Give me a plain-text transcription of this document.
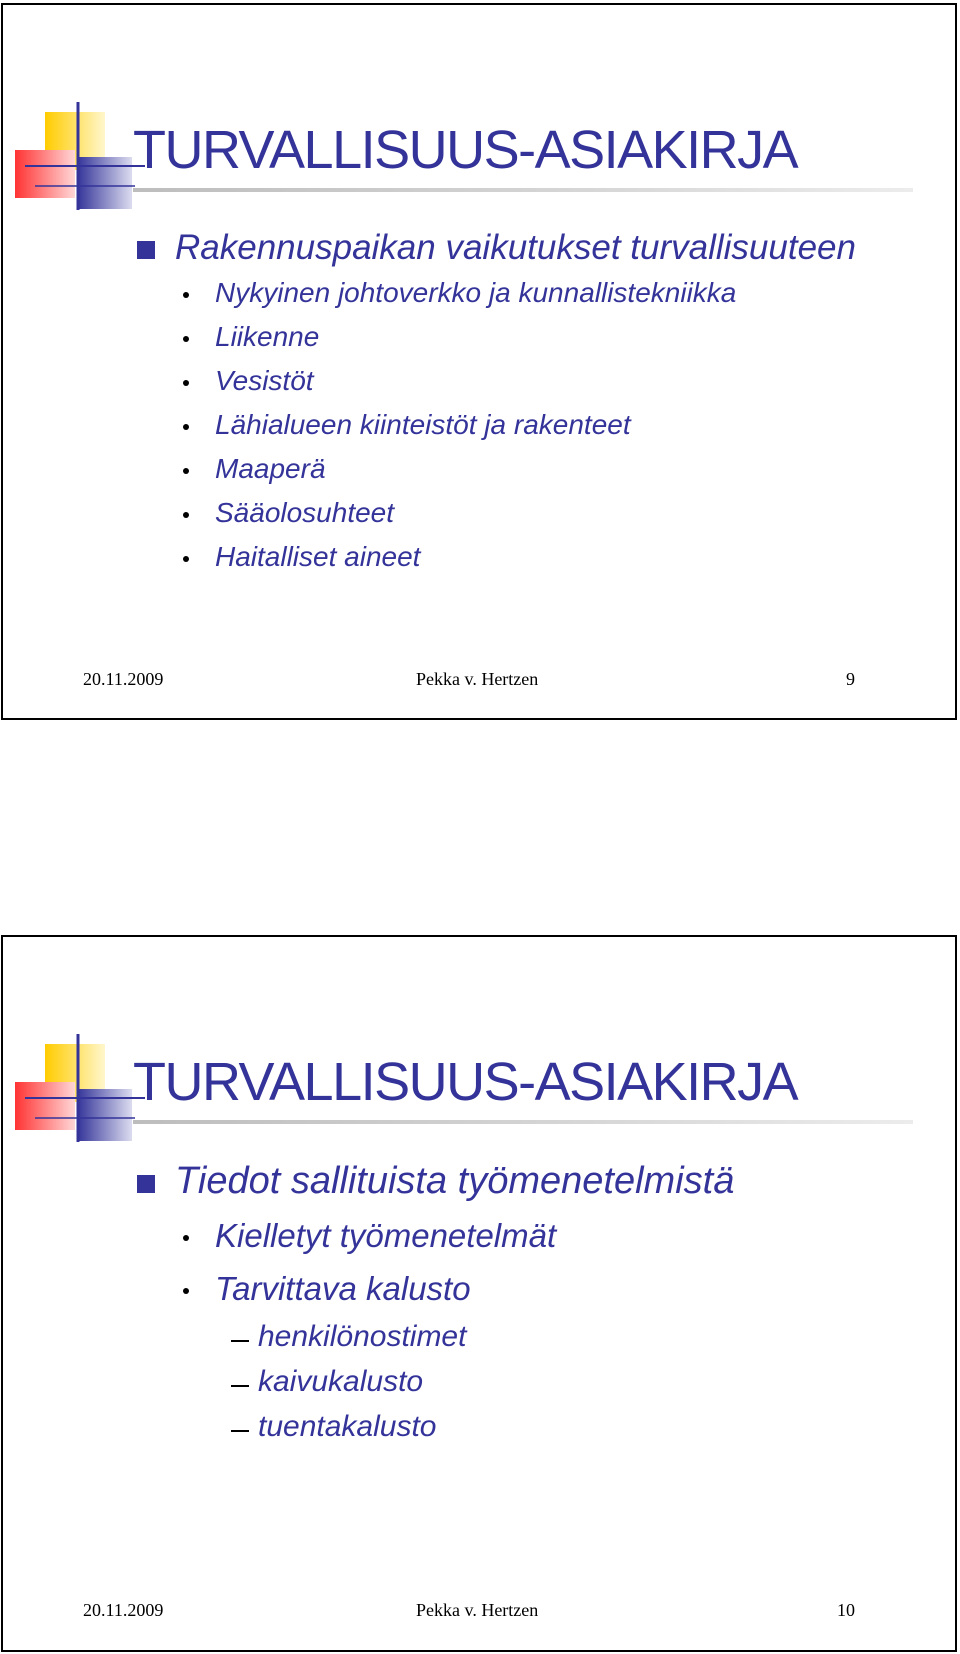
TURVALLISUUS-ASIAKIRJA
Rakennuspaikan vaikutukset turvallisuuteen
Nykyinen johtoverkko ja kunnallistekniikka
Liikenne
Vesistöt
Lähialueen kiinteistöt ja rakenteet
Maaperä
Sääolosuhteet
Haitalliset aineet
20.11.2009	Pekka v. Hertzen	9
TURVALLISUUS-ASIAKIRJA
Tiedot sallituista työmenetelmistä
Kielletyt työmenetelmät
Tarvittava kalusto
henkilönostimet
kaivukalusto
tuentakalusto
20.11.2009	Pekka v. Hertzen	10
